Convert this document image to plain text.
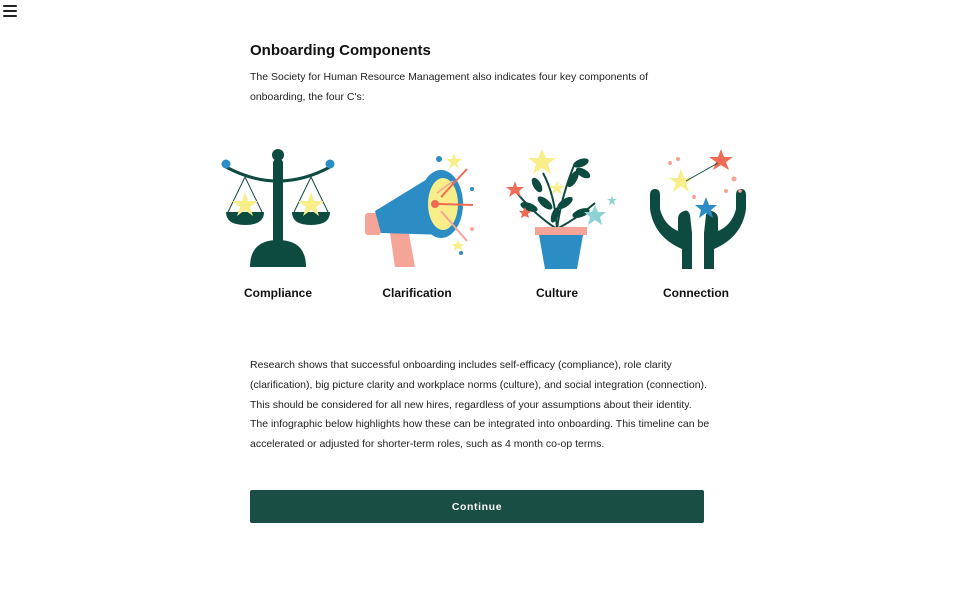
Onboarding Components

The Society for Human Resource Management also indicates four key components of onboarding, the four C's:

Compliance	Clarification	Culture	Connection

Research shows that successful onboarding includes self-efficacy (compliance), role clarity (clarification), big picture clarity and workplace norms (culture), and social integration (connection). This should be considered for all new hires, regardless of your assumptions about their identity. The infographic below highlights how these can be integrated into onboarding. This timeline can be accelerated or adjusted for shorter-term roles, such as 4 month co-op terms.

Continue
